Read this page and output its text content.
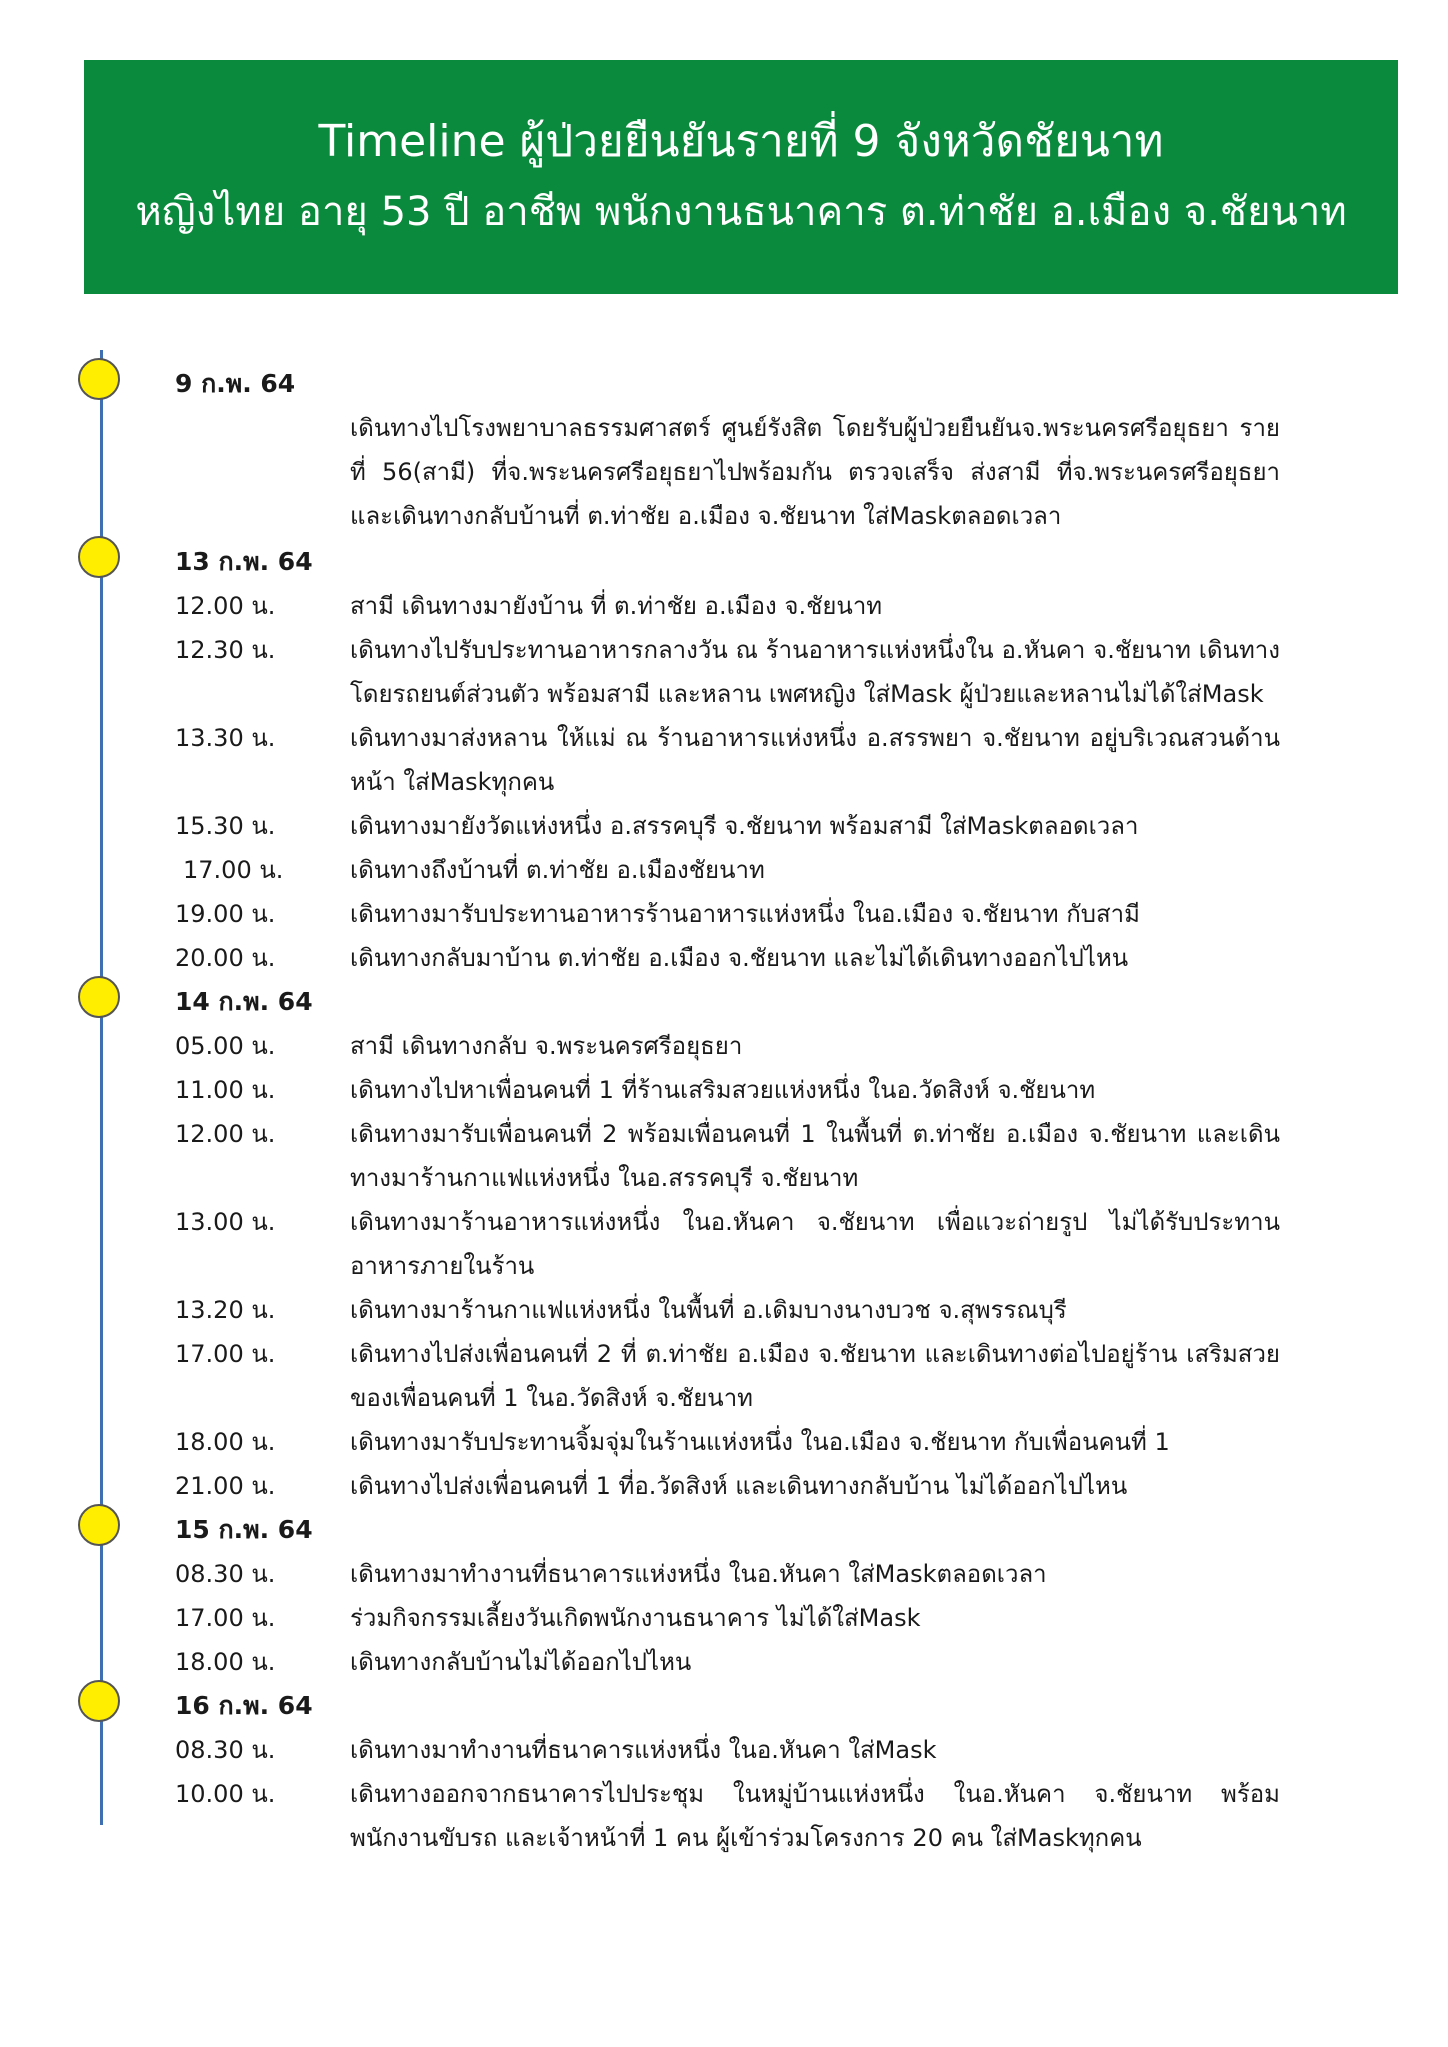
Timeline ผู้ป่วยยืนยันรายที่ 9 จังหวัดชัยนาท
หญิงไทย อายุ 53 ปี อาชีพ พนักงานธนาคาร ต.ท่าชัย อ.เมือง จ.ชัยนาท
9 ก.พ. 64
เดินทางไปโรงพยาบาลธรรมศาสตร์ ศูนย์รังสิต โดยรับผู้ป่วยยืนยันจ.พระนครศรีอยุธยา รายที่ 56(สามี) ที่จ.พระนครศรีอยุธยาไปพร้อมกัน ตรวจเสร็จ ส่งสามี ที่จ.พระนครศรีอยุธยา และเดินทางกลับบ้านที่ ต.ท่าชัย อ.เมือง จ.ชัยนาท ใส่Maskตลอดเวลา
13 ก.พ. 64
12.00 น.	สามี เดินทางมายังบ้าน ที่ ต.ท่าชัย อ.เมือง จ.ชัยนาท
12.30 น.	เดินทางไปรับประทานอาหารกลางวัน ณ ร้านอาหารแห่งหนึ่งใน อ.หันคา จ.ชัยนาท เดินทางโดยรถยนต์ส่วนตัว พร้อมสามี และหลาน เพศหญิง ใส่Mask ผู้ป่วยและหลานไม่ได้ใส่Mask
13.30 น.	เดินทางมาส่งหลาน ให้แม่ ณ ร้านอาหารแห่งหนึ่ง อ.สรรพยา จ.ชัยนาท อยู่บริเวณสวนด้านหน้า ใส่Maskทุกคน
15.30 น.	เดินทางมายังวัดแห่งหนึ่ง อ.สรรคบุรี จ.ชัยนาท พร้อมสามี ใส่Maskตลอดเวลา
17.00 น.	เดินทางถึงบ้านที่ ต.ท่าชัย อ.เมืองชัยนาท
19.00 น.	เดินทางมารับประทานอาหารร้านอาหารแห่งหนึ่ง ในอ.เมือง จ.ชัยนาท กับสามี
20.00 น.	เดินทางกลับมาบ้าน ต.ท่าชัย อ.เมือง จ.ชัยนาท และไม่ได้เดินทางออกไปไหน
14 ก.พ. 64
05.00 น.	สามี เดินทางกลับ จ.พระนครศรีอยุธยา
11.00 น.	เดินทางไปหาเพื่อนคนที่ 1 ที่ร้านเสริมสวยแห่งหนึ่ง ในอ.วัดสิงห์ จ.ชัยนาท
12.00 น.	เดินทางมารับเพื่อนคนที่ 2 พร้อมเพื่อนคนที่ 1 ในพื้นที่ ต.ท่าชัย อ.เมือง จ.ชัยนาท และเดินทางมาร้านกาแฟแห่งหนึ่ง ในอ.สรรคบุรี จ.ชัยนาท
13.00 น.	เดินทางมาร้านอาหารแห่งหนึ่ง ในอ.หันคา จ.ชัยนาท เพื่อแวะถ่ายรูป ไม่ได้รับประทานอาหารภายในร้าน
13.20 น.	เดินทางมาร้านกาแฟแห่งหนึ่ง ในพื้นที่ อ.เดิมบางนางบวช จ.สุพรรณบุรี
17.00 น.	เดินทางไปส่งเพื่อนคนที่ 2 ที่ ต.ท่าชัย อ.เมือง จ.ชัยนาท และเดินทางต่อไปอยู่ร้าน เสริมสวยของเพื่อนคนที่ 1 ในอ.วัดสิงห์ จ.ชัยนาท
18.00 น.	เดินทางมารับประทานจิ้มจุ่มในร้านแห่งหนึ่ง ในอ.เมือง จ.ชัยนาท กับเพื่อนคนที่ 1
21.00 น.	เดินทางไปส่งเพื่อนคนที่ 1 ที่อ.วัดสิงห์ และเดินทางกลับบ้าน ไม่ได้ออกไปไหน
15 ก.พ. 64
08.30 น.	เดินทางมาทำงานที่ธนาคารแห่งหนึ่ง ในอ.หันคา ใส่Maskตลอดเวลา
17.00 น.	ร่วมกิจกรรมเลี้ยงวันเกิดพนักงานธนาคาร ไม่ได้ใส่Mask
18.00 น.	เดินทางกลับบ้านไม่ได้ออกไปไหน
16 ก.พ. 64
08.30 น.	เดินทางมาทำงานที่ธนาคารแห่งหนึ่ง ในอ.หันคา ใส่Mask
10.00 น.	เดินทางออกจากธนาคารไปประชุม ในหมู่บ้านแห่งหนึ่ง ในอ.หันคา จ.ชัยนาท พร้อมพนักงานขับรถ และเจ้าหน้าที่ 1 คน ผู้เข้าร่วมโครงการ 20 คน ใส่Maskทุกคน
